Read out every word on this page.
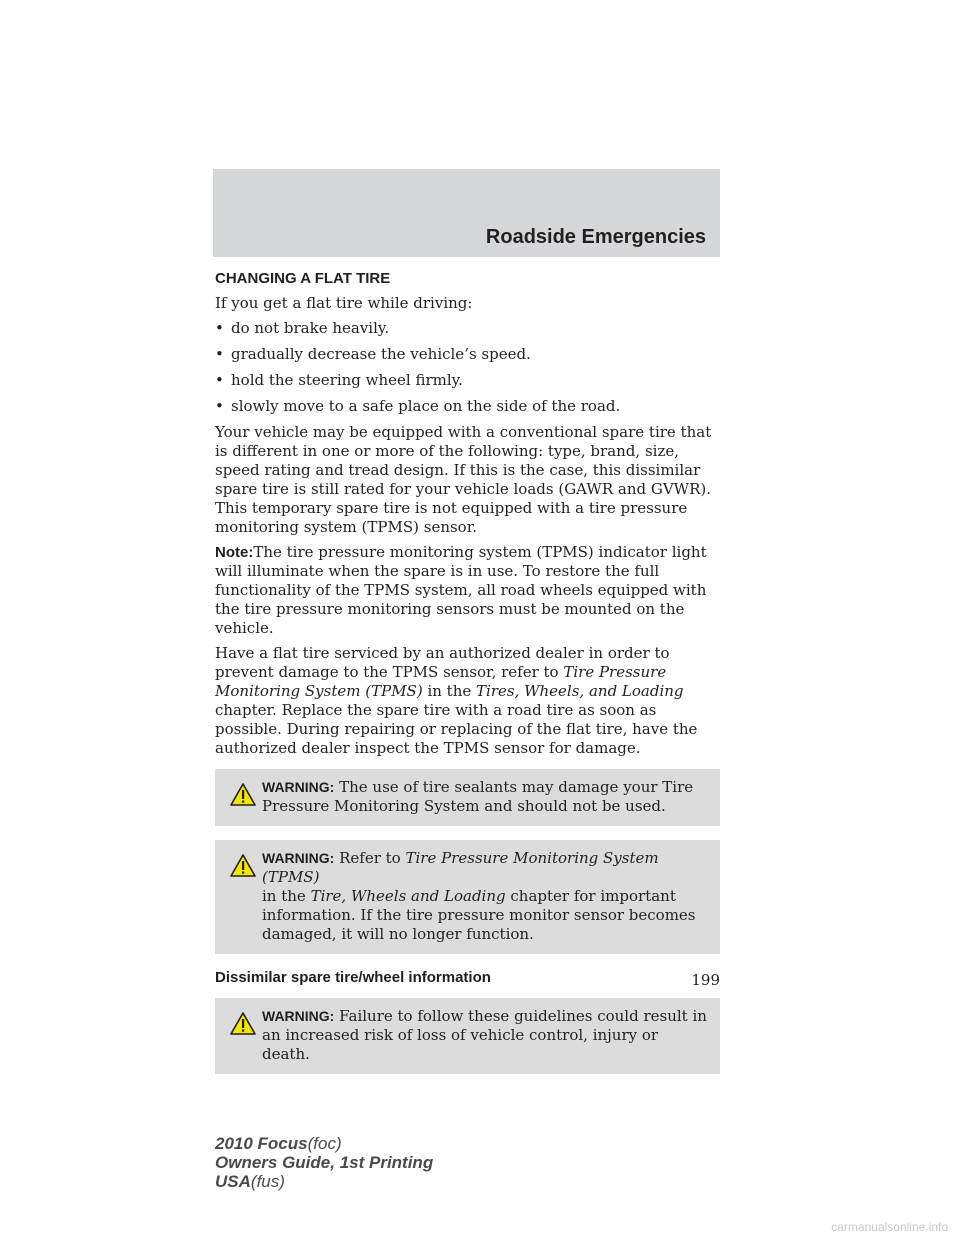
Roadside Emergencies
CHANGING A FLAT TIRE

If you get a flat tire while driving:

• do not brake heavily.
• gradually decrease the vehicle’s speed.
• hold the steering wheel firmly.
• slowly move to a safe place on the side of the road.

Your vehicle may be equipped with a conventional spare tire that is different in one or more of the following: type, brand, size, speed rating and tread design. If this is the case, this dissimilar spare tire is still rated for your vehicle loads (GAWR and GVWR). This temporary spare tire is not equipped with a tire pressure monitoring system (TPMS) sensor.

Note:The tire pressure monitoring system (TPMS) indicator light will illuminate when the spare is in use. To restore the full functionality of the TPMS system, all road wheels equipped with the tire pressure monitoring sensors must be mounted on the vehicle.

Have a flat tire serviced by an authorized dealer in order to prevent damage to the TPMS sensor, refer to Tire Pressure Monitoring System (TPMS) in the Tires, Wheels, and Loading chapter. Replace the spare tire with a road tire as soon as possible. During repairing or replacing of the flat tire, have the authorized dealer inspect the TPMS sensor for damage.

WARNING: The use of tire sealants may damage your Tire Pressure Monitoring System and should not be used.
WARNING: Refer to Tire Pressure Monitoring System (TPMS)
in the Tire, Wheels and Loading chapter for important information. If the tire pressure monitor sensor becomes damaged, it will no longer function.
Dissimilar spare tire/wheel information
WARNING: Failure to follow these guidelines could result in an increased risk of loss of vehicle control, injury or death.
199
2010 Focus(foc)
Owners Guide, 1st Printing
USA(fus)
carmanualsonline.info
